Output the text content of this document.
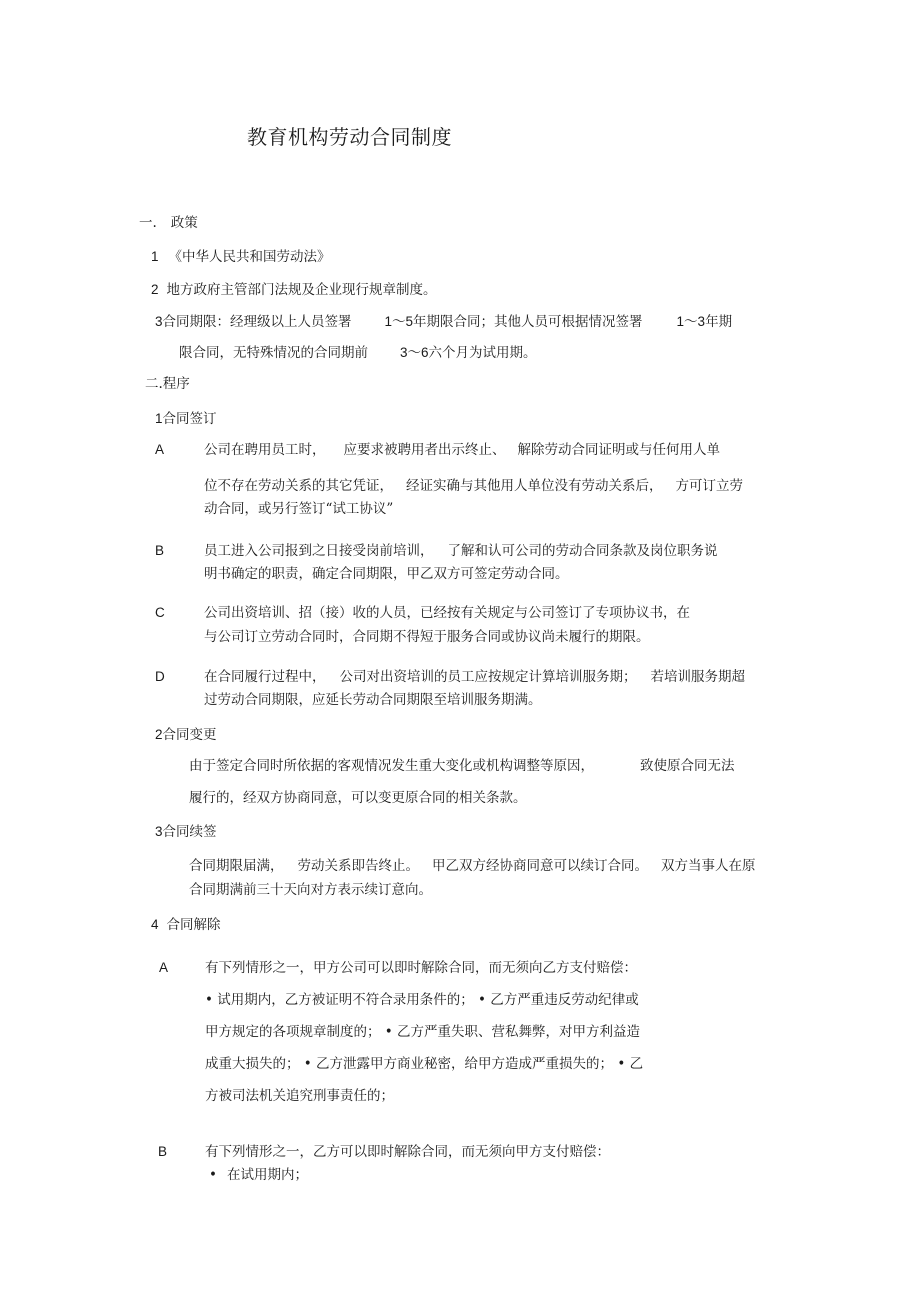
教育机构劳动合同制度
一. 政策
1 《中华人民共和国劳动法》
2 地方政府主管部门法规及企业现行规章制度。
3合同期限：经理级以上人员签署 1～5年期限合同；其他人员可根据情况签署	1～3年期
限合同，无特殊情况的合同期前 3～6六个月为试用期。
二.程序
1合同签订
A	公司在聘用员工时， 应要求被聘用者出示终止、 解除劳动合同证明或与任何用人单
位不存在劳动关系的其它凭证， 经证实确与其他用人单位没有劳动关系后， 方可订立劳
动合同，或另行签订“试工协议”
B	员工进入公司报到之日接受岗前培训， 了解和认可公司的劳动合同条款及岗位职务说
明书确定的职责，确定合同期限，甲乙双方可签定劳动合同。
C	公司出资培训、招（接）收的人员，已经按有关规定与公司签订了专项协议书，在
与公司订立劳动合同时，合同期不得短于服务合同或协议尚未履行的期限。
D	在合同履行过程中， 公司对出资培训的员工应按规定计算培训服务期； 若培训服务期超
过劳动合同期限，应延长劳动合同期限至培训服务期满。
2合同变更
由于签定合同时所依据的客观情况发生重大变化或机构调整等原因，	致使原合同无法
履行的，经双方协商同意，可以变更原合同的相关条款。
3合同续签
合同期限届满， 劳动关系即告终止。 甲乙双方经协商同意可以续订合同。 双方当事人在原
合同期满前三十天向对方表示续订意向。
4 合同解除
A	有下列情形之一，甲方公司可以即时解除合同，而无须向乙方支付赔偿：
• 试用期内，乙方被证明不符合录用条件的； • 乙方严重违反劳动纪律或
甲方规定的各项规章制度的； • 乙方严重失职、营私舞弊，对甲方利益造
成重大损失的； • 乙方泄露甲方商业秘密，给甲方造成严重损失的； • 乙
方被司法机关追究刑事责任的；
B	有下列情形之一，乙方可以即时解除合同，而无须向甲方支付赔偿：
• 在试用期内；
